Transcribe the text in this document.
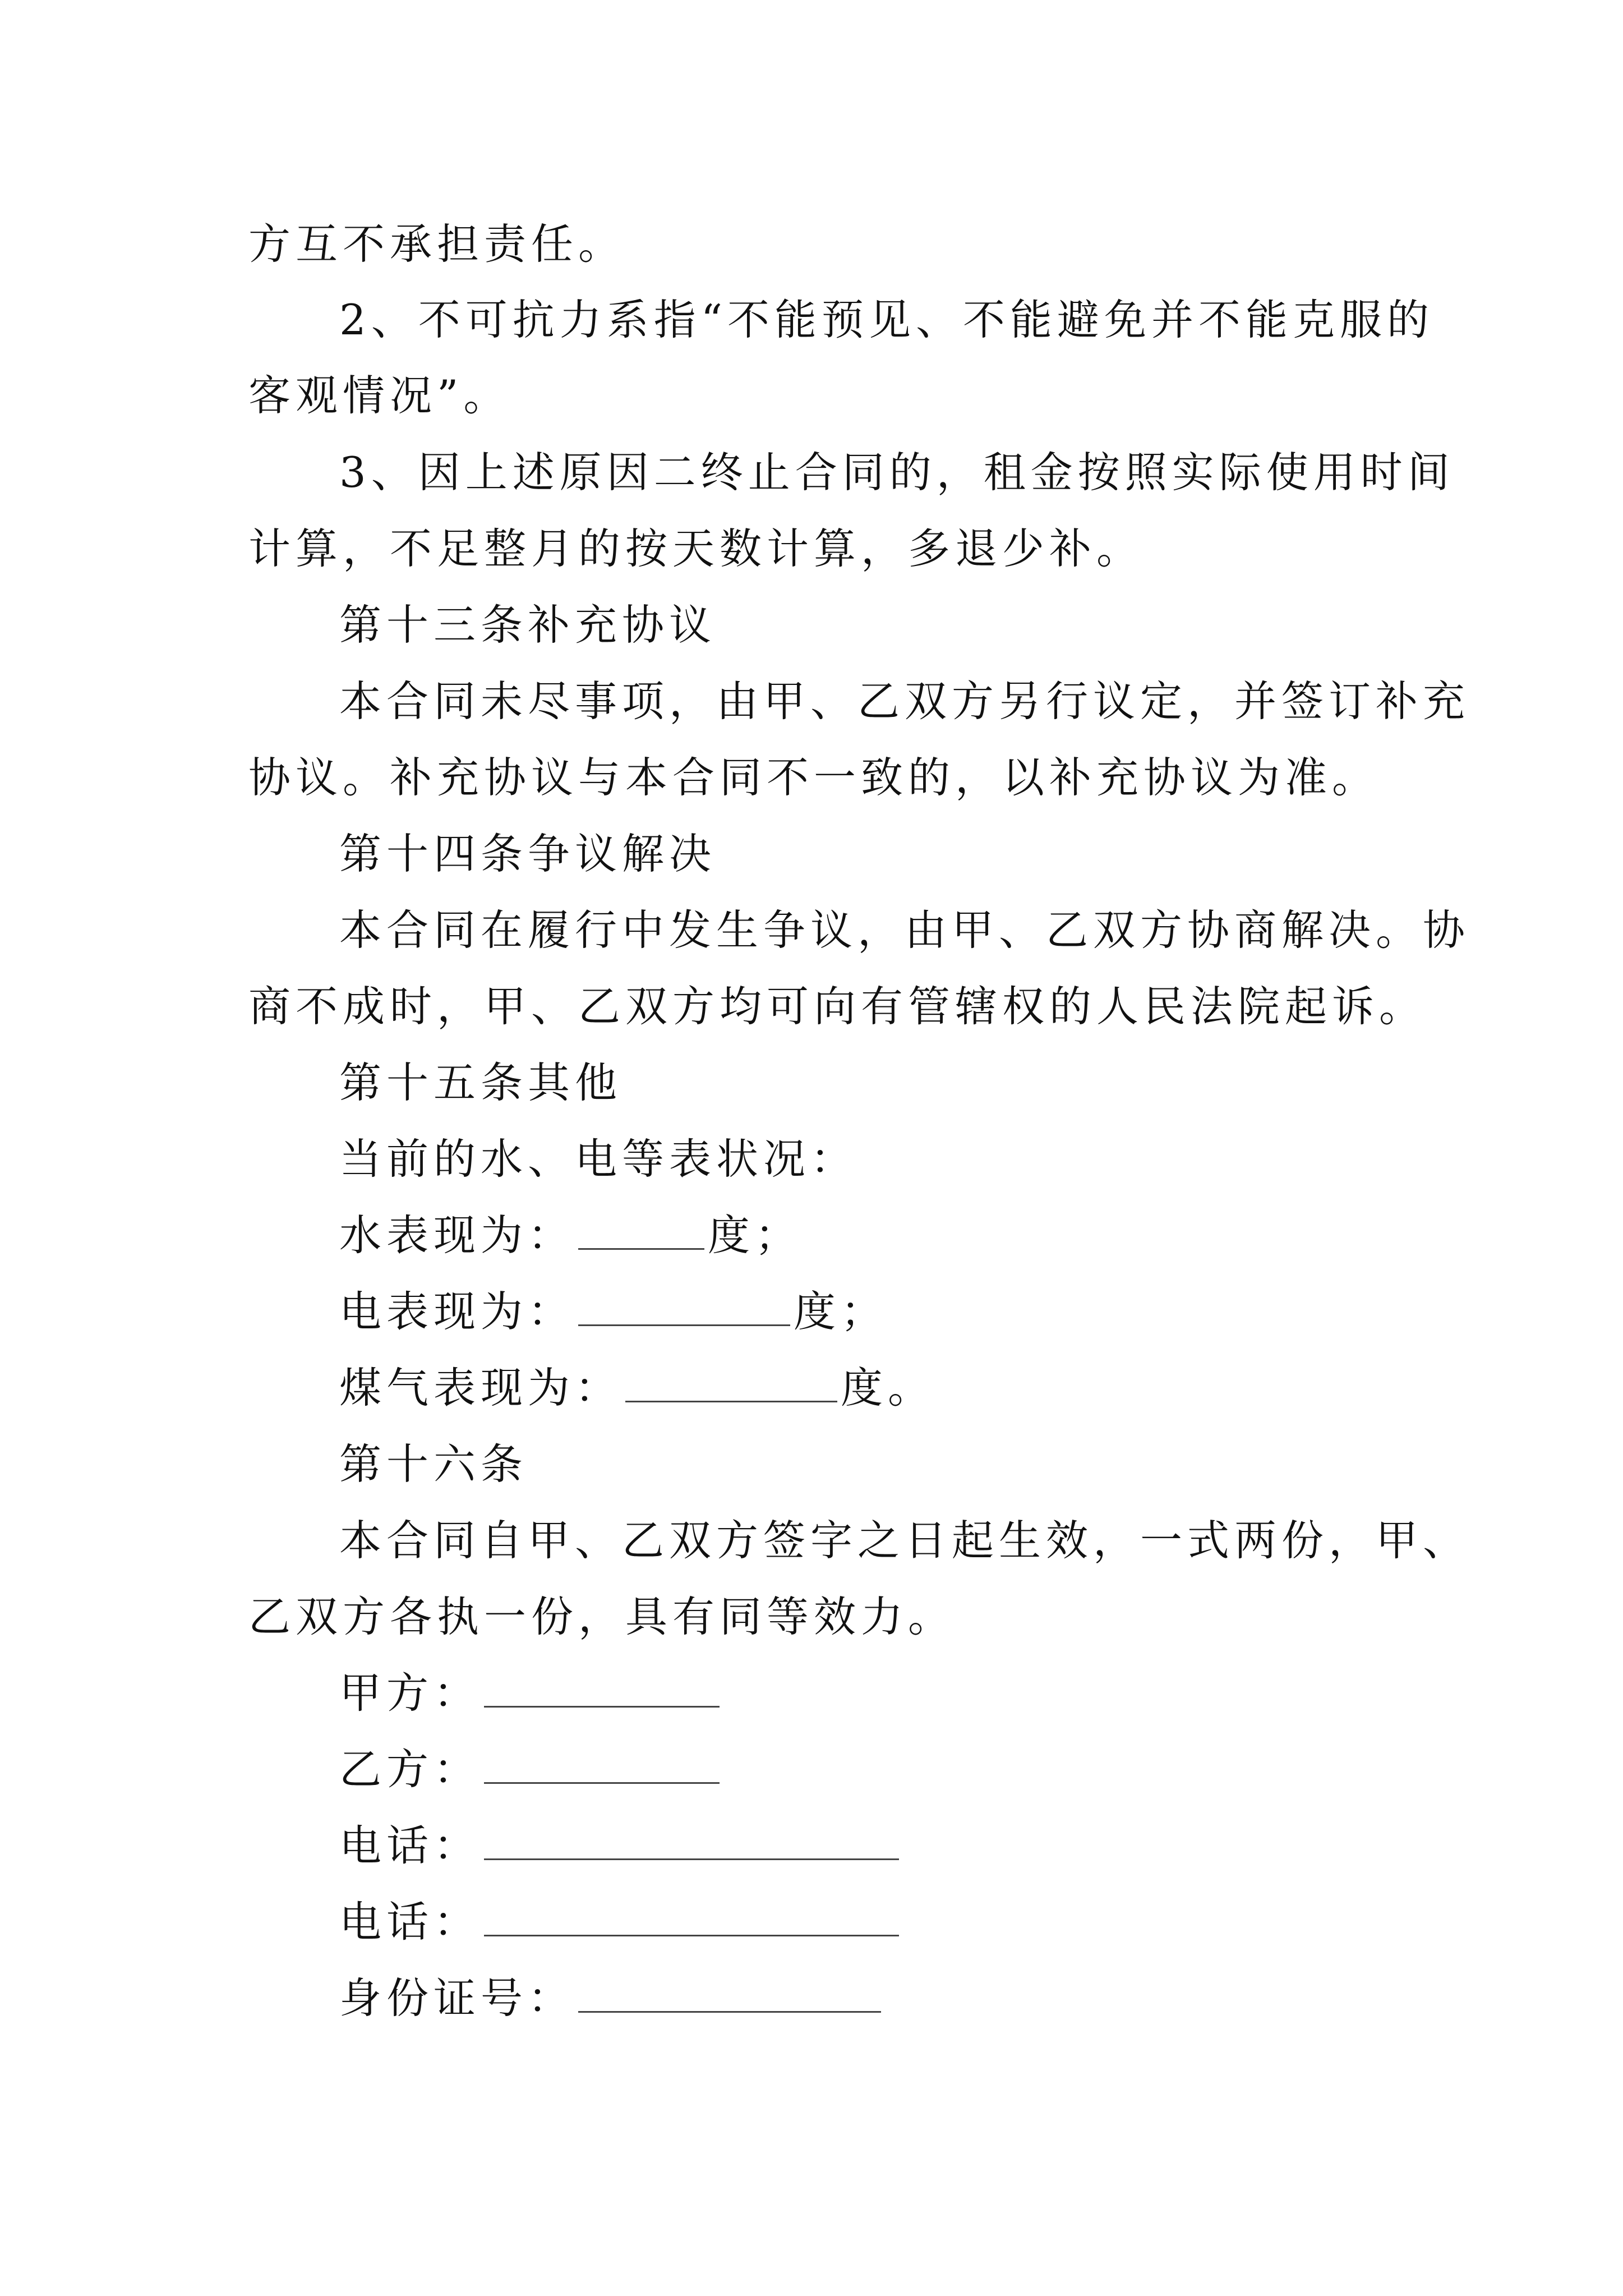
方互不承担责任。
2、不可抗力系指“不能预见、不能避免并不能克服的
客观情况”。
3、因上述原因二终止合同的，租金按照实际使用时间
计算，不足整月的按天数计算，多退少补。
第十三条补充协议
本合同未尽事项，由甲、乙双方另行议定，并签订补充
协议。补充协议与本合同不一致的，以补充协议为准。
第十四条争议解决
本合同在履行中发生争议，由甲、乙双方协商解决。协
商不成时，甲、乙双方均可向有管辖权的人民法院起诉。
第十五条其他
当前的水、电等表状况：
水表现为：	度；
电表现为：	度；
煤气表现为：	度。
第十六条
本合同自甲、乙双方签字之日起生效，一式两份，甲、
乙双方各执一份，具有同等效力。
甲方：
乙方：
电话：
电话：
身份证号：
